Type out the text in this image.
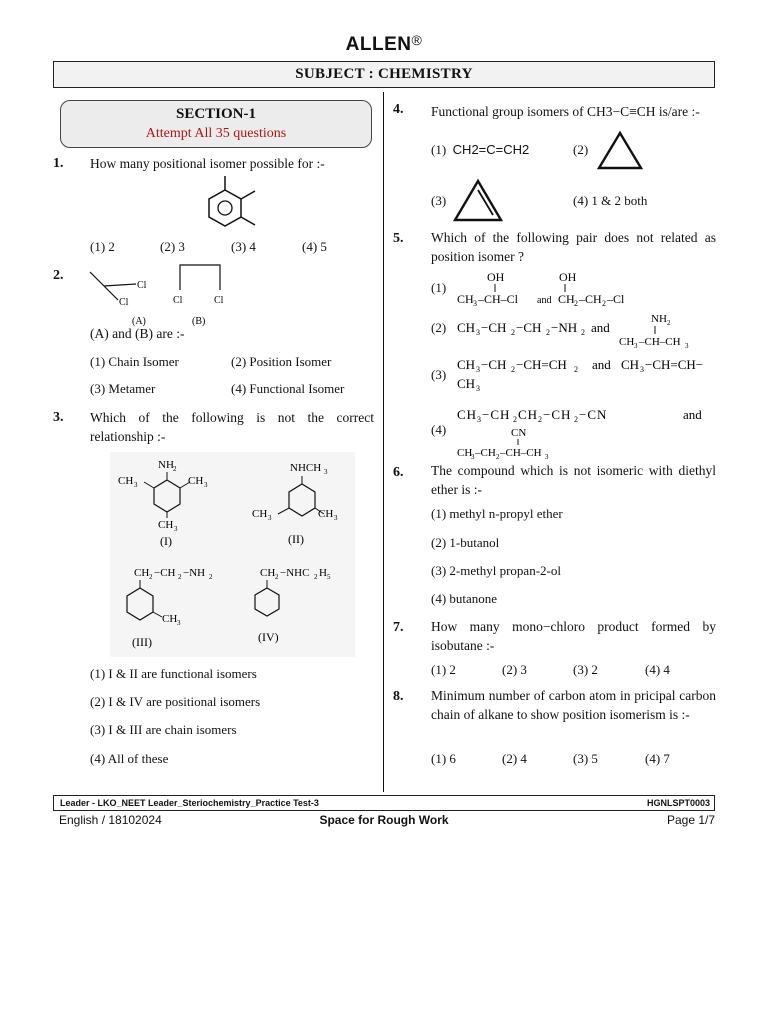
ALLEN®
SUBJECT : CHEMISTRY
SECTION-1
Attempt All 35 questions
1. How many positional isomer possible for :-
(1) 2	(2) 3	(3) 4	(4) 5
2.
Cl
Cl	Cl	Cl
(A)	(B)
(A) and (B) are :-
(1) Chain Isomer	(2) Position Isomer
(3) Metamer	(4) Functional Isomer
3. Which of the following is not the correct relationship :-
NH 2
CH 3	CH 3
CH 3
(I)
NHCH 3
CH 3	CH 3
(II)
CH 2 −CH 2 −NH 2
CH 3
(III)
CH 2 −NHC 2 H 5
(IV)
(1) I & II are functional isomers
(2) I & IV are positional isomers
(3) I & III are chain isomers
(4) All of these
4. Functional group isomers of CH3−C≡CH is/are :-
(1) CH2=C=CH2	(2)
(3)	(4) 1 & 2 both
5. Which of the following pair does not related as position isomer ?
(1)
OH
CH 3 –CH–Cl and
OH
CH 2 –CH 2 –Cl
(2) CH 3 −CH 2 −CH 2 −NH 2 and
NH 2
CH 3 –CH–CH 3
(3)
CH 3 −CH 2 −CH=CH 2 and CH 3 −CH=CH−
CH 3
(4)
CH 3 −CH 2 CH 2 −CH 2 −CN	and
CN
CH
3 –CH 2 –CH–CH 3
6. The compound which is not isomeric with diethyl ether is :-
(1) methyl n-propyl ether
(2) 1-butanol
(3) 2-methyl propan-2-ol
(4) butanone
7. How many mono−chloro product formed by isobutane :-
(1) 2	(2) 3	(3) 2	(4) 4
8. Minimum number of carbon atom in pricipal carbon chain of alkane to show position isomerism is :-
(1) 6	(2) 4	(3) 5	(4) 7
Leader - LKO_NEET Leader_Steriochemistry_Practice Test-3	HGNLSPT0003
English / 18102024	Space for Rough Work	Page 1/7
